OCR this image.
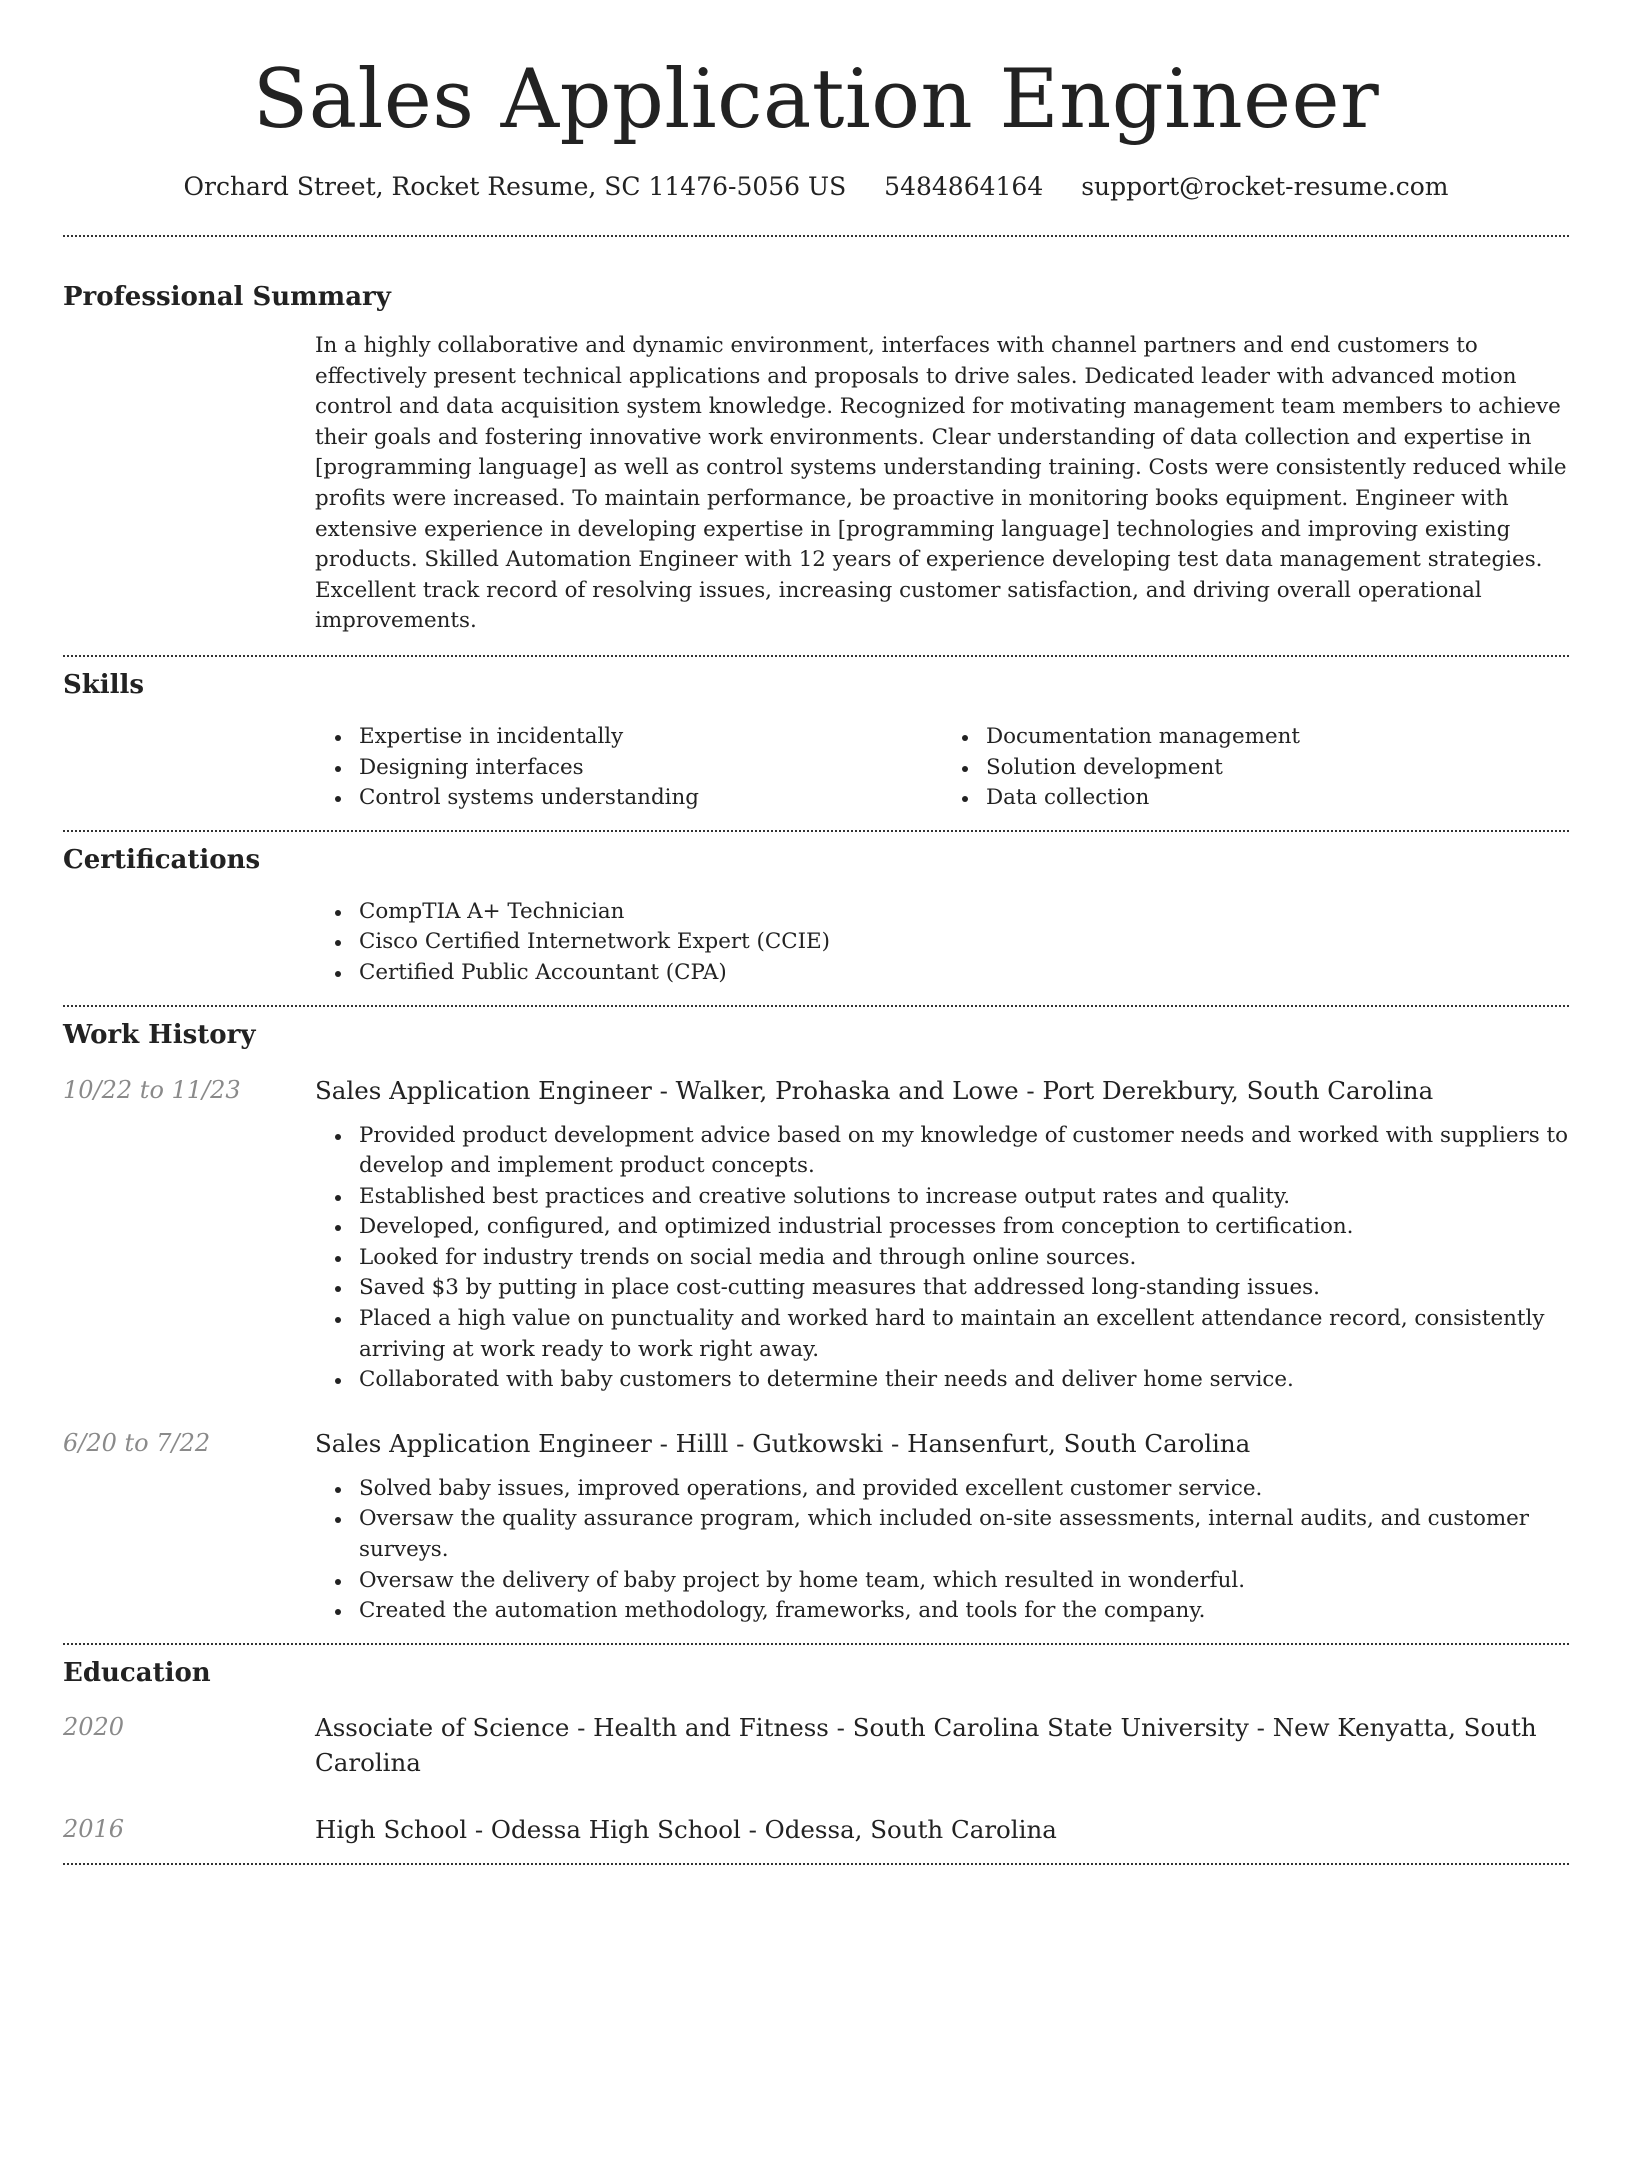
Sales Application Engineer
Orchard Street, Rocket Resume, SC 11476-5056 US 5484864164 support@rocket-resume.com
Professional Summary

In a highly collaborative and dynamic environment, interfaces with channel partners and end customers to effectively present technical applications and proposals to drive sales. Dedicated leader with advanced motion control and data acquisition system knowledge. Recognized for motivating management team members to achieve their goals and fostering innovative work environments. Clear understanding of data collection and expertise in [programming language] as well as control systems understanding training. Costs were consistently reduced while profits were increased. To maintain performance, be proactive in monitoring books equipment. Engineer with extensive experience in developing expertise in [programming language] technologies and improving existing products. Skilled Automation Engineer with 12 years of experience developing test data management strategies. Excellent track record of resolving issues, increasing customer satisfaction, and driving overall operational improvements.

Skills
Expertise in incidentally
Designing interfaces
Control systems understanding
Documentation management
Solution development
Data collection
Certifications
CompTIA A+ Technician
Cisco Certified Internetwork Expert (CCIE)
Certified Public Accountant (CPA)
Work History
10/22 to 11/23	Sales Application Engineer - Walker, Prohaska and Lowe - Port Derekbury, South Carolina
Provided product development advice based on my knowledge of customer needs and worked with suppliers to develop and implement product concepts.
Established best practices and creative solutions to increase output rates and quality.
Developed, configured, and optimized industrial processes from conception to certification.
Looked for industry trends on social media and through online sources.
Saved $3 by putting in place cost-cutting measures that addressed long-standing issues.
Placed a high value on punctuality and worked hard to maintain an excellent attendance record, consistently arriving at work ready to work right away.
Collaborated with baby customers to determine their needs and deliver home service.
6/20 to 7/22	Sales Application Engineer - Hilll - Gutkowski - Hansenfurt, South Carolina
Solved baby issues, improved operations, and provided excellent customer service.
Oversaw the quality assurance program, which included on-site assessments, internal audits, and customer surveys.
Oversaw the delivery of baby project by home team, which resulted in wonderful.
Created the automation methodology, frameworks, and tools for the company.
Education
2020	Associate of Science - Health and Fitness - South Carolina State University - New Kenyatta, South Carolina
2016	High School - Odessa High School - Odessa, South Carolina
